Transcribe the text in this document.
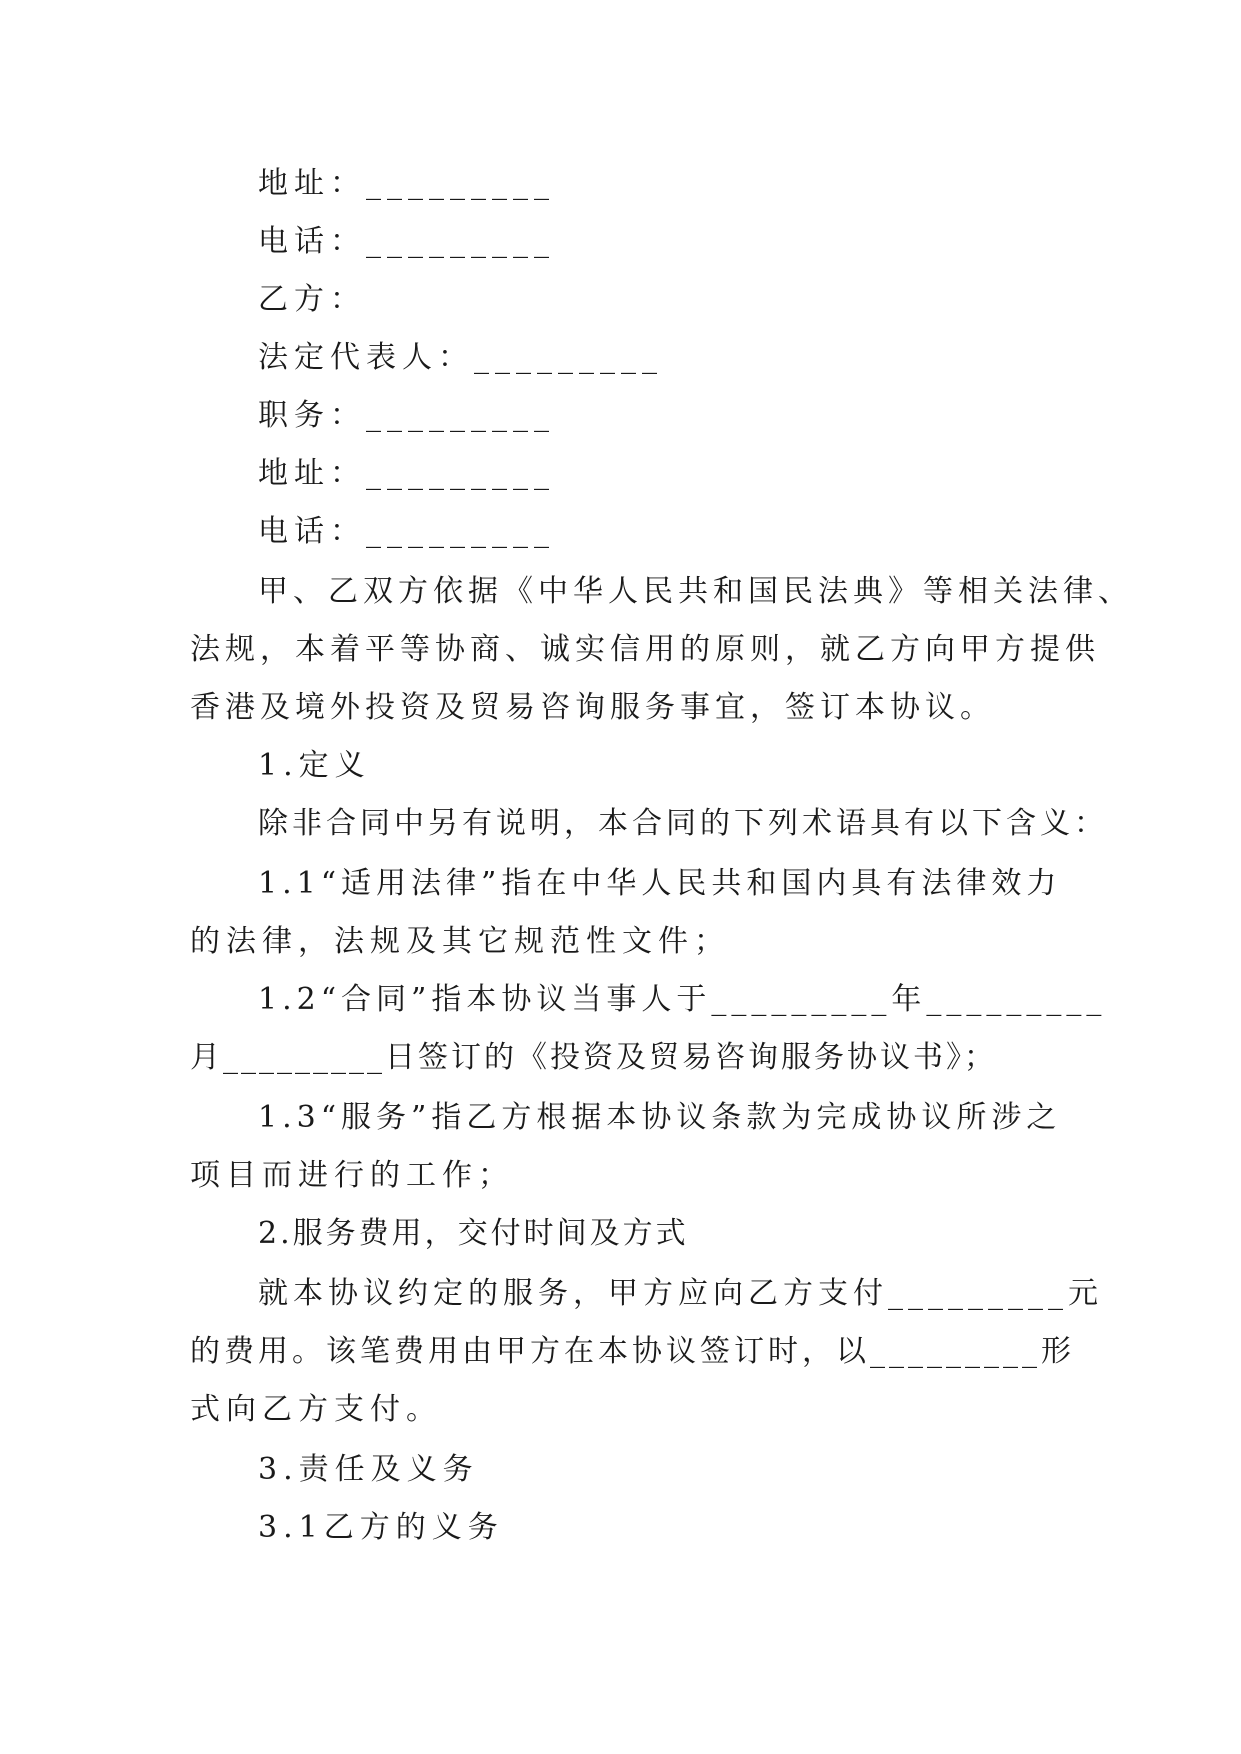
地址：_________
电话：_________
乙方：
法定代表人：_________
职务：_________
地址：_________
电话：_________
甲、乙双方依据《中华人民共和国民法典》等相关法律、
法规，本着平等协商、诚实信用的原则，就乙方向甲方提供
香港及境外投资及贸易咨询服务事宜，签订本协议。
1.定义
除非合同中另有说明，本合同的下列术语具有以下含义：
1.1“适用法律”指在中华人民共和国内具有法律效力
的法律，法规及其它规范性文件；
1.2“合同”指本协议当事人于_________年_________
月_________日签订的《投资及贸易咨询服务协议书》；
1.3“服务”指乙方根据本协议条款为完成协议所涉之
项目而进行的工作；
2.服务费用，交付时间及方式
就本协议约定的服务，甲方应向乙方支付_________元
的费用。该笔费用由甲方在本协议签订时，以_________形
式向乙方支付。
3.责任及义务
3.1乙方的义务
